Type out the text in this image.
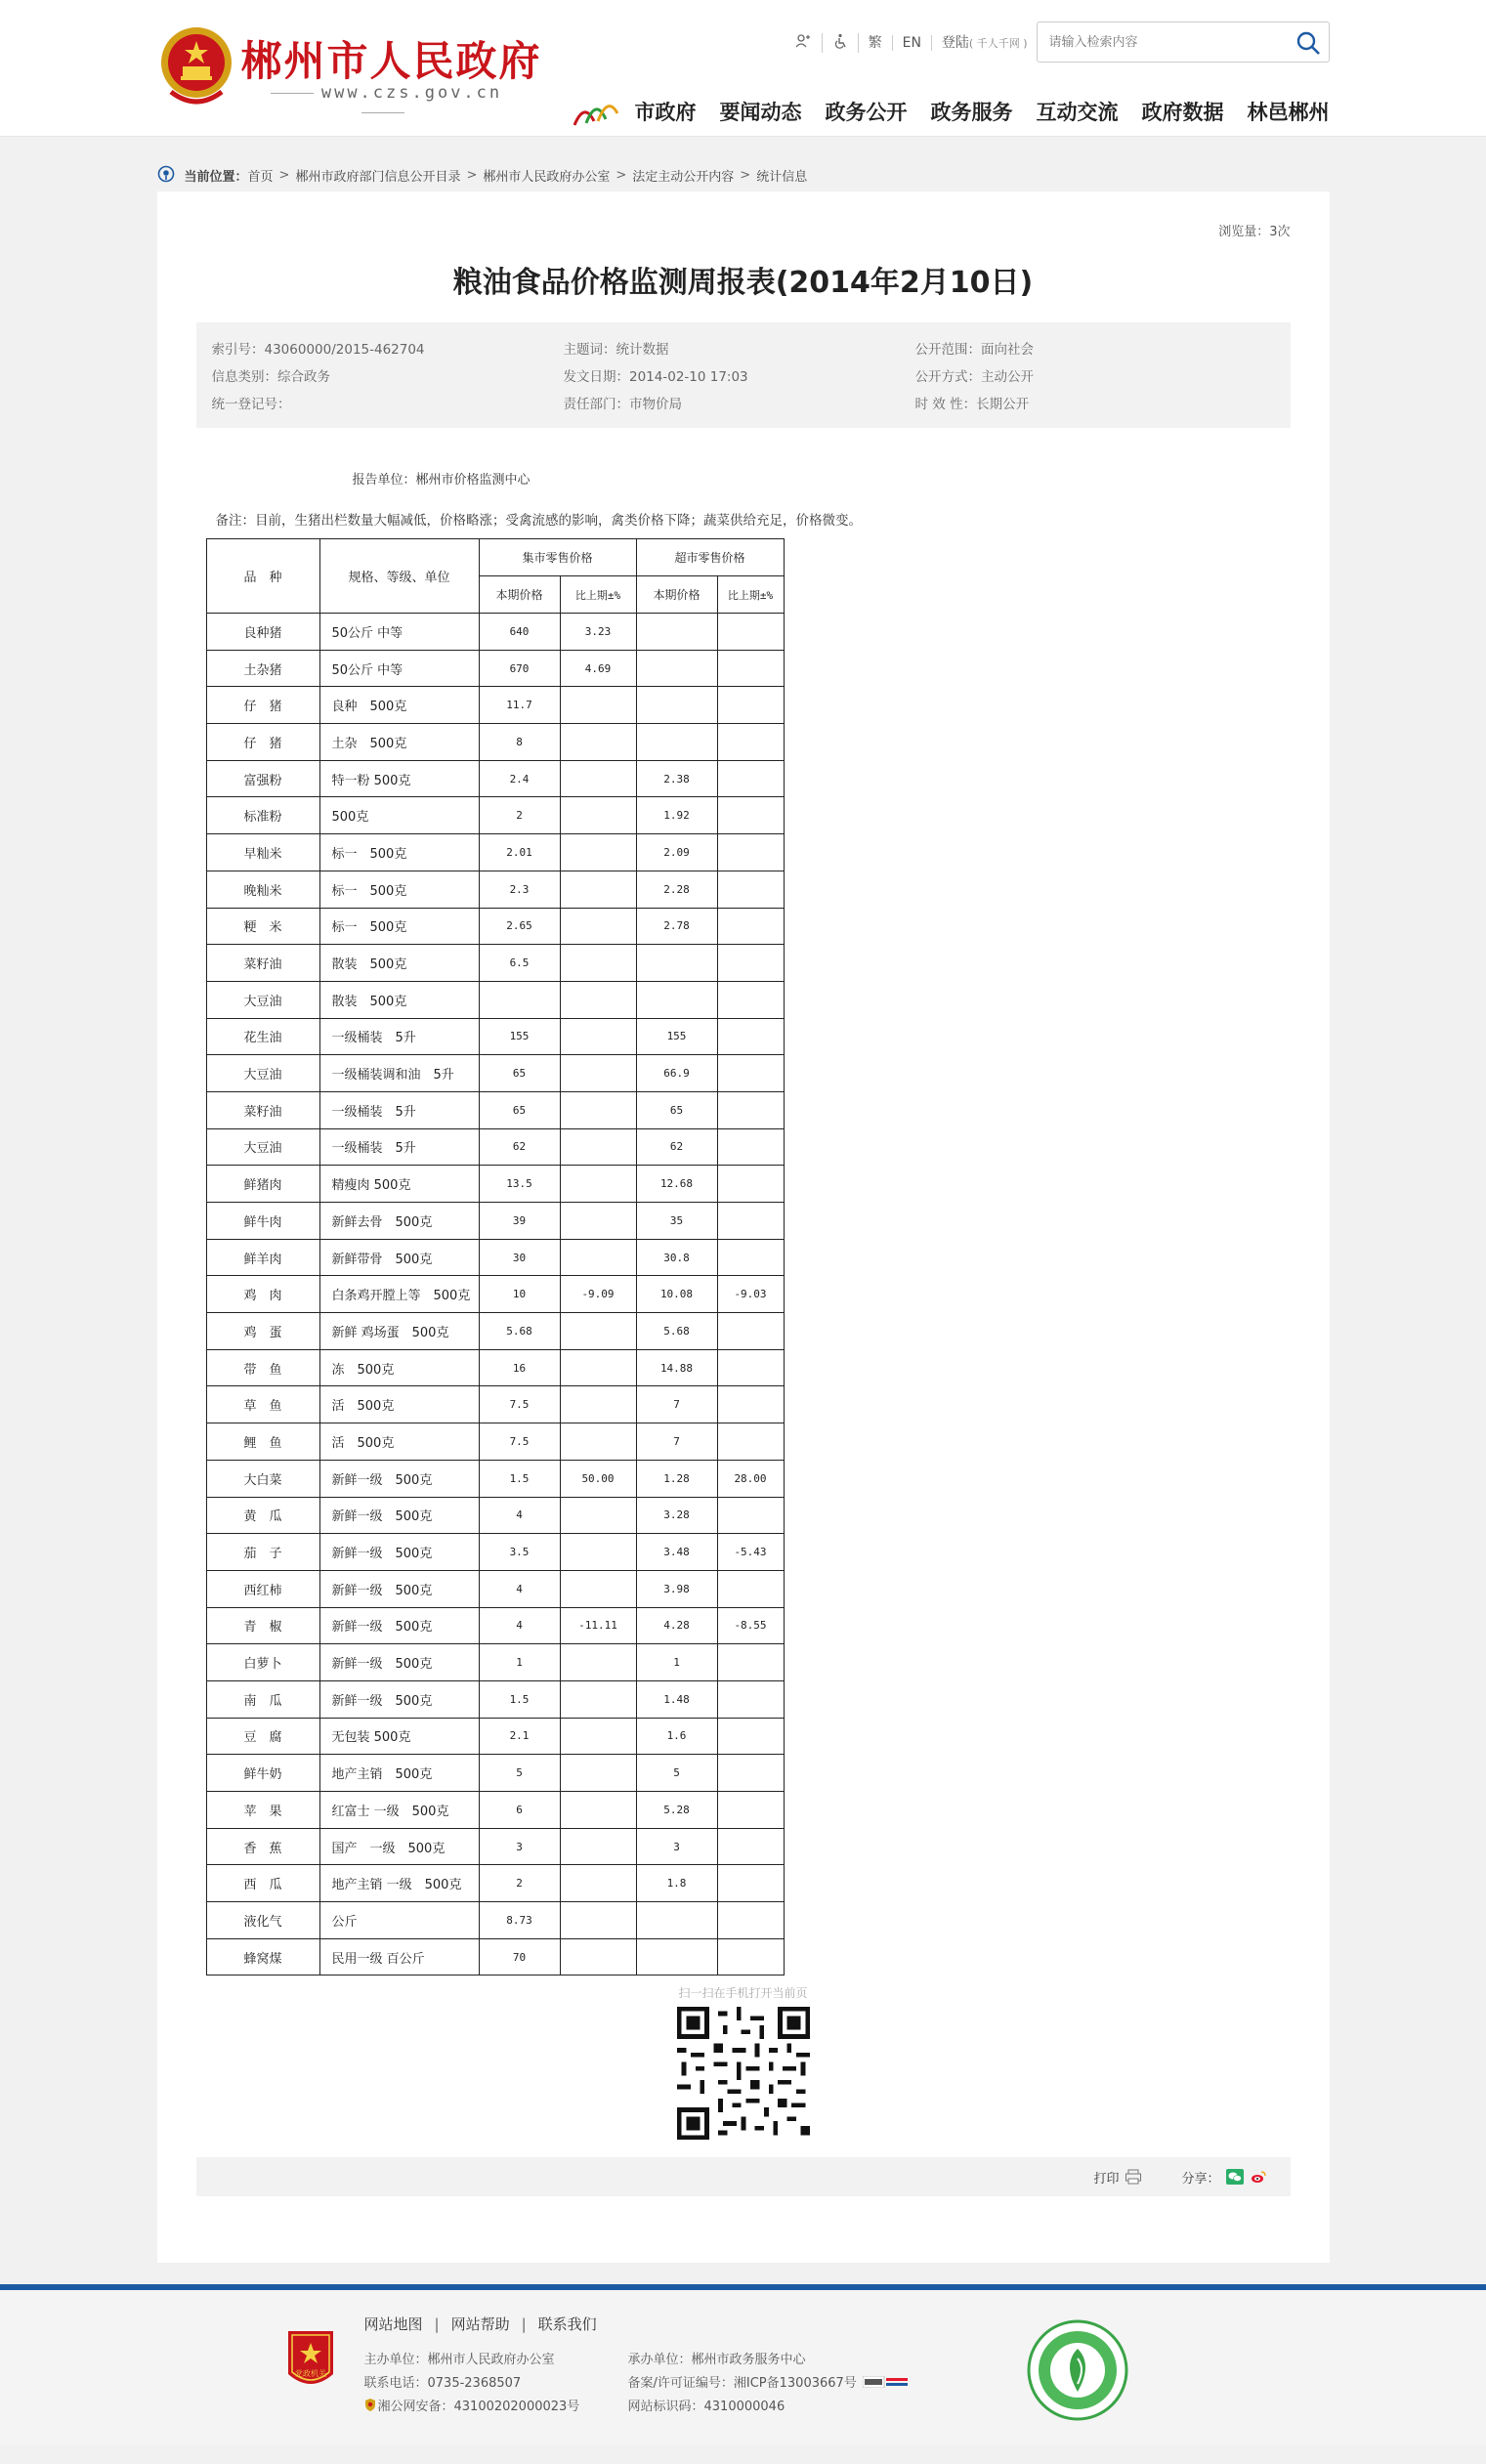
郴州市人民政府
www.czs.gov.cn
繁	EN	登陆( 千人千网 )
请输入检索内容
市政府 要闻动态 政务公开 政务服务 互动交流 政府数据 林邑郴州
当前位置： 首页 > 郴州市政府部门信息公开目录 > 郴州市人民政府办公室 > 法定主动公开内容 > 统计信息
浏览量：3次
粮油食品价格监测周报表(2014年2月10日)
索引号：43060000/2015-462704	主题词：统计数据	公开范围：面向社会
信息类别：综合政务	发文日期：2014-02-10 17:03	公开方式：主动公开
统一登记号：	责任部门：市物价局	时 效 性：长期公开
报告单位：郴州市价格监测中心
备注：目前，生猪出栏数量大幅减低，价格略涨；受禽流感的影响，禽类价格下降；蔬菜供给充足，价格微变。
品　种	规格、等级、单位	集市零售价格		超市零售价格	
		本期价格	比上期±%	本期价格	比上期±%
良种猪	50公斤 中等	640	3.23		
土杂猪	50公斤 中等	670	4.69		
仔　猪	良种　500克	11.7			
仔　猪	土杂　500克	8			
富强粉	特一粉 500克	2.4		2.38	
标准粉	500克	2		1.92	
早籼米	标一　500克	2.01		2.09	
晚籼米	标一　500克	2.3		2.28	
粳　米	标一　500克	2.65		2.78	
菜籽油	散装　500克	6.5			
大豆油	散装　500克				
花生油	一级桶装　5升	155		155	
大豆油	一级桶装调和油　5升	65		66.9	
菜籽油	一级桶装　5升	65		65	
大豆油	一级桶装　5升	62		62	
鲜猪肉	精瘦肉 500克	13.5		12.68	
鲜牛肉	新鲜去骨　500克	39		35	
鲜羊肉	新鲜带骨　500克	30		30.8	
鸡　肉	白条鸡开膛上等　500克	10	-9.09	10.08	-9.03
鸡　蛋	新鲜 鸡场蛋　500克	5.68		5.68	
带　鱼	冻　500克	16		14.88	
草　鱼	活　500克	7.5		7	
鲤　鱼	活　500克	7.5		7	
大白菜	新鲜一级　500克	1.5	50.00	1.28	28.00
黄　瓜	新鲜一级　500克	4		3.28	
茄　子	新鲜一级　500克	3.5		3.48	-5.43
西红柿	新鲜一级　500克	4		3.98	
青　椒	新鲜一级　500克	4	-11.11	4.28	-8.55
白萝卜	新鲜一级　500克	1		1	
南　瓜	新鲜一级　500克	1.5		1.48	
豆　腐	无包装 500克	2.1		1.6	
鲜牛奶	地产主销　500克	5		5	
苹　果	红富士 一级　500克	6		5.28	
香　蕉	国产　一级　500克	3		3	
西　瓜	地产主销 一级　500克	2		1.8	
液化气	公斤	8.73			
蜂窝煤	民用一级 百公斤	70			
扫一扫在手机打开当前页
打印	分享：
党政机关
网站地图 | 网站帮助 | 联系我们
主办单位：郴州市人民政府办公室
联系电话：0735-2368507
湘公网安备：43100202000023号
承办单位：郴州市政务服务中心
备案/许可证编号：湘ICP备13003667号
网站标识码：4310000046
